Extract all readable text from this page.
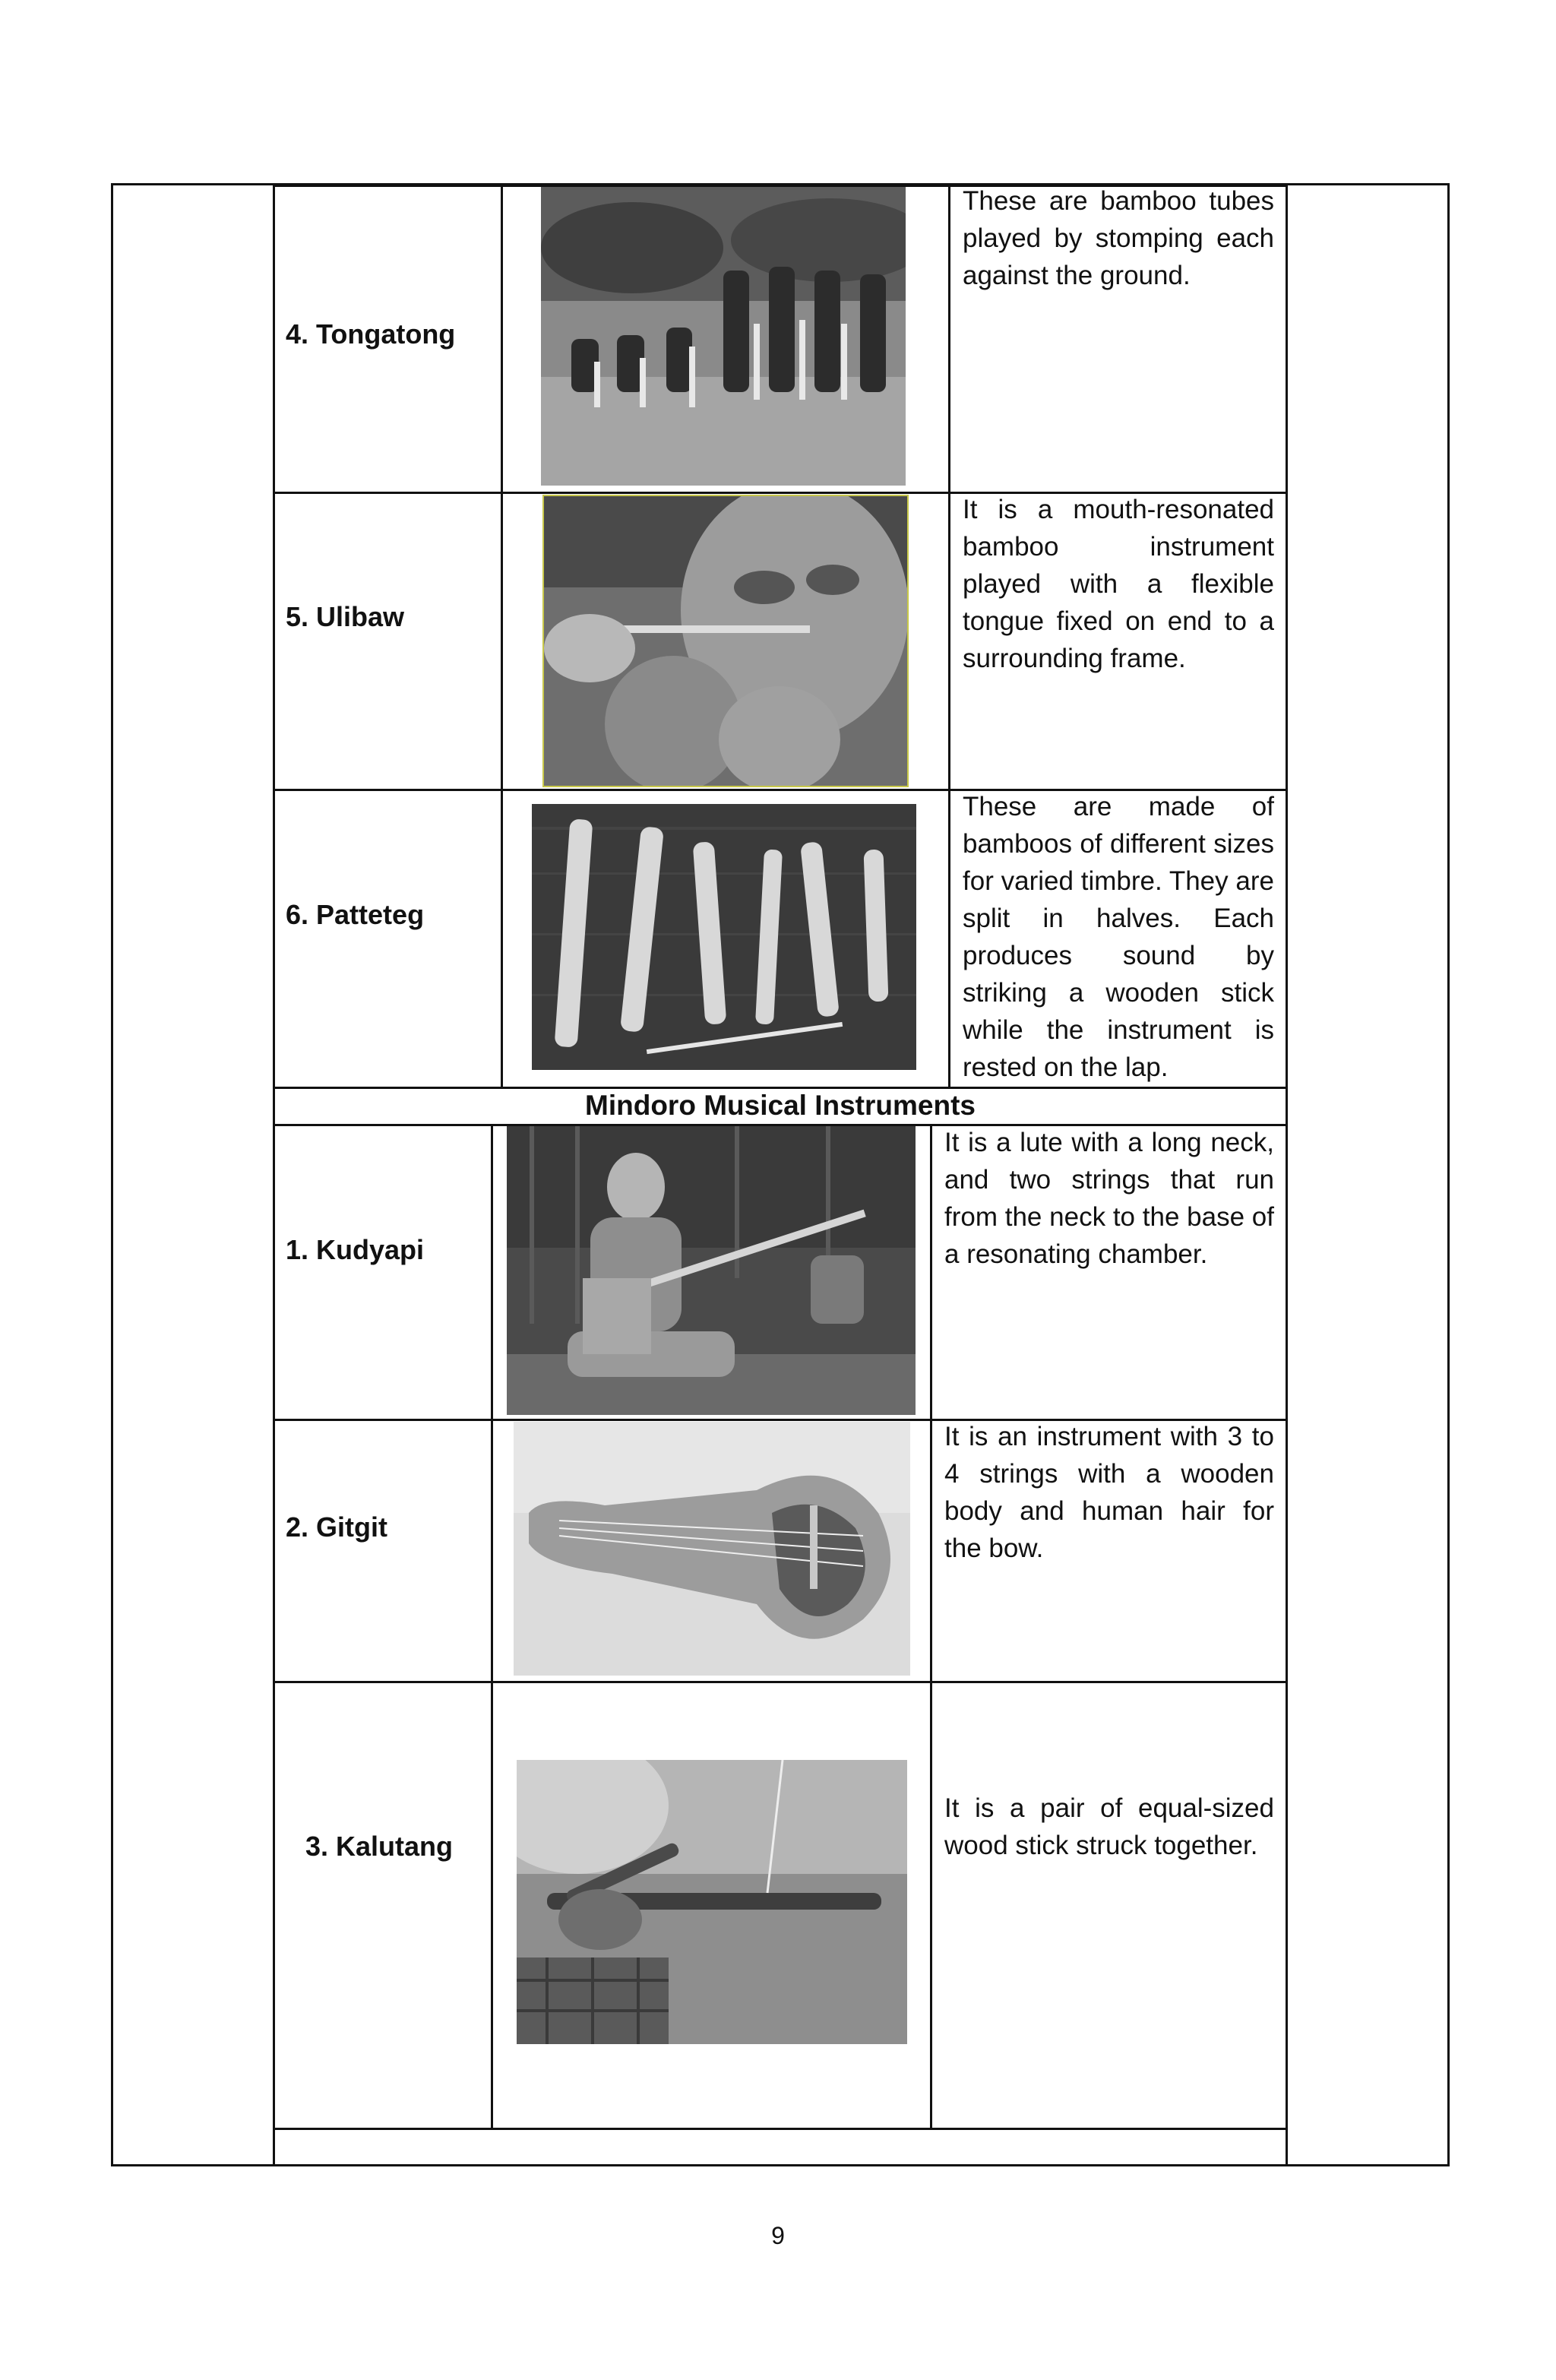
4. Tongatong
These are bamboo tubes played by stomping each against the ground.
5. Ulibaw
It is a mouth-resonated bamboo instrument played with a flexible tongue fixed on end to a surrounding frame.
6. Patteteg
These are made of bamboos of different sizes for varied timbre. They are split in halves. Each produces sound by striking a wooden stick while the instrument is rested on the lap.
Mindoro Musical Instruments
1. Kudyapi
It is a lute with a long neck, and two strings that run from the neck to the base of a resonating chamber.
2. Gitgit
It is an instrument with 3 to 4 strings with a wooden body and human hair for the bow.
3. Kalutang
It is a pair of equal-sized wood stick struck together.
9
